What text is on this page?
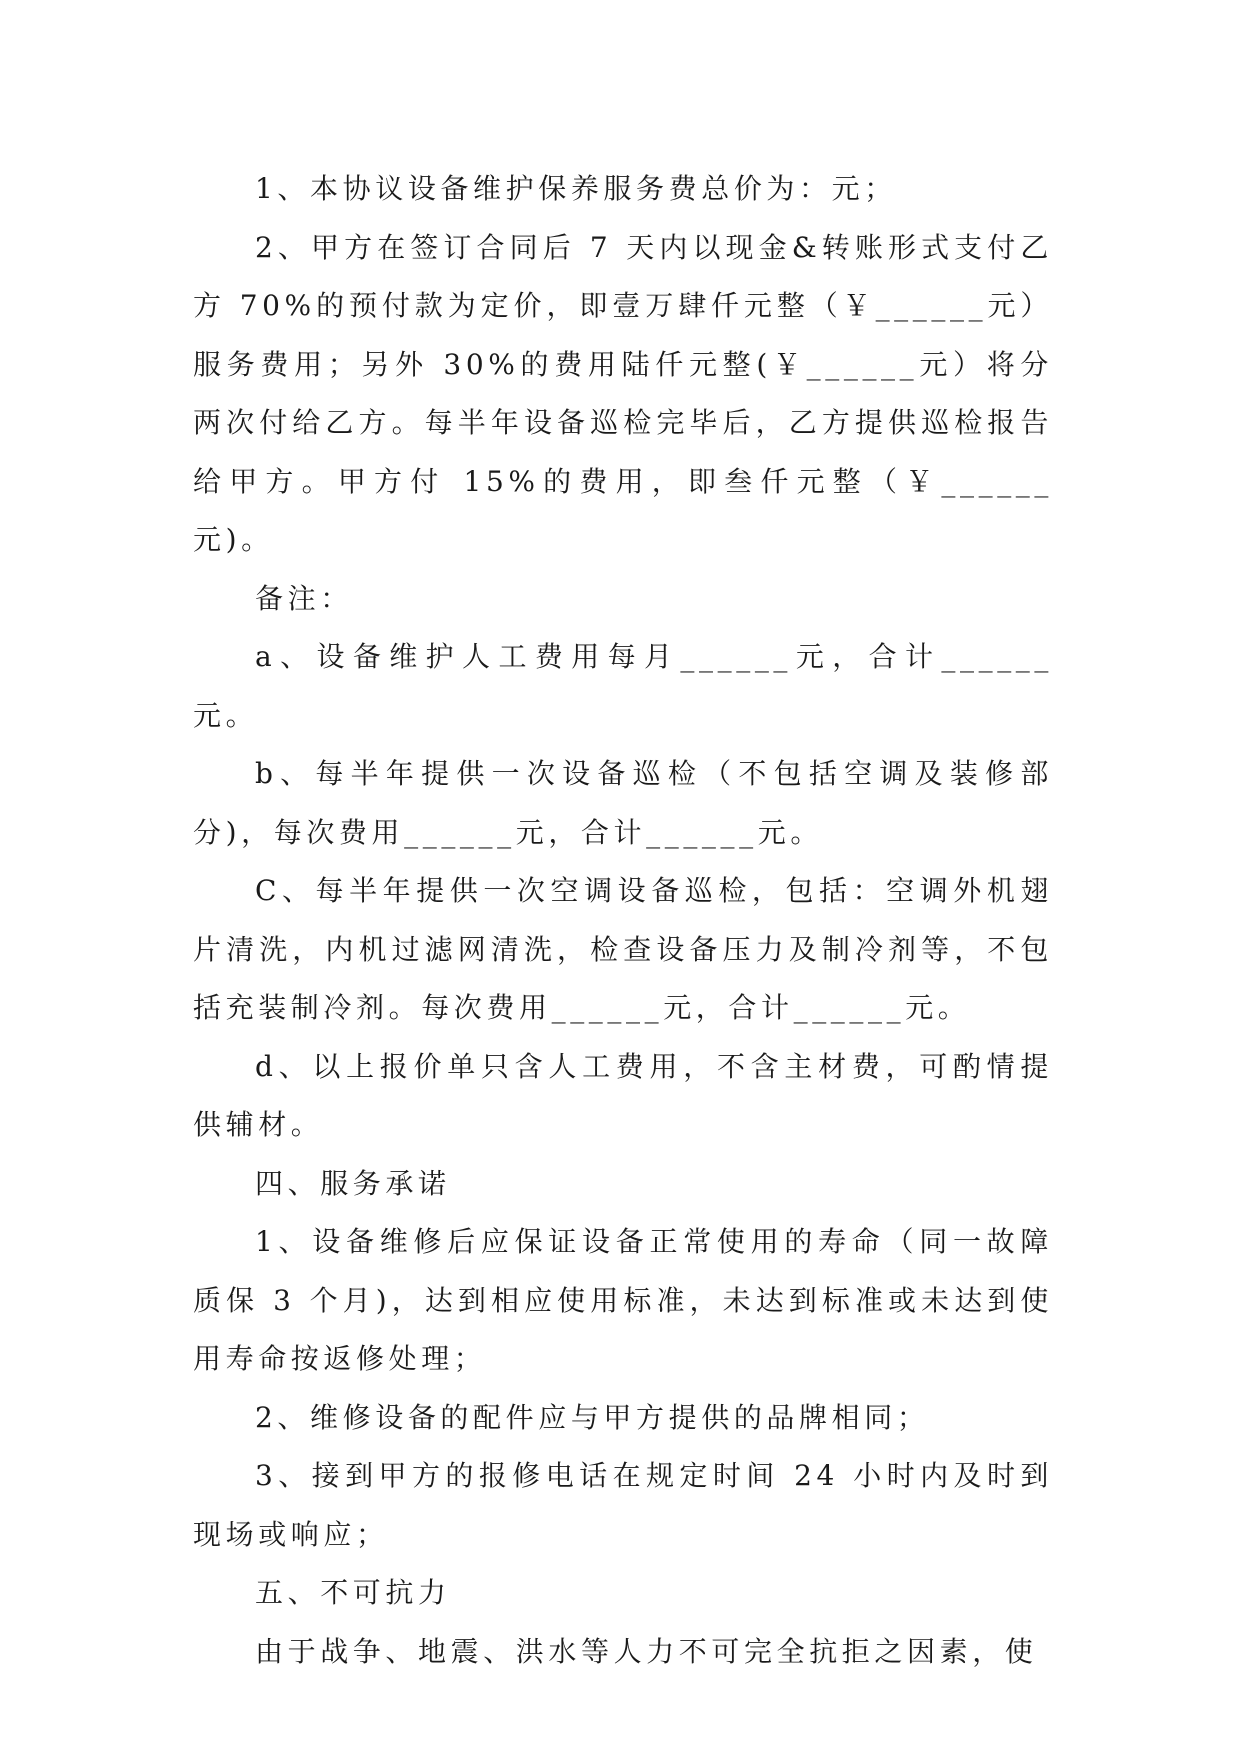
1、本协议设备维护保养服务费总价为：元；

2、甲方在签订合同后 7 天内以现金&转账形式支付乙方 70%的预付款为定价，即壹万肆仟元整（￥______元）服务费用；另外 30%的费用陆仟元整(￥______元）将分两次付给乙方。每半年设备巡检完毕后，乙方提供巡检报告给甲方。甲方付 15%的费用，即叁仟元整（￥______元)。

备注：

a、设备维护人工费用每月______元，合计______元。

b、每半年提供一次设备巡检（不包括空调及装修部分)，每次费用______元，合计______元。

C、每半年提供一次空调设备巡检，包括：空调外机翅片清洗，内机过滤网清洗，检查设备压力及制冷剂等，不包括充装制冷剂。每次费用______元，合计______元。

d、以上报价单只含人工费用，不含主材费，可酌情提供辅材。

四、服务承诺

1、设备维修后应保证设备正常使用的寿命（同一故障质保 3 个月)，达到相应使用标准，未达到标准或未达到使用寿命按返修处理；

2、维修设备的配件应与甲方提供的品牌相同；

3、接到甲方的报修电话在规定时间 24 小时内及时到现场或响应；

五、不可抗力

由于战争、地震、洪水等人力不可完全抗拒之因素，使
